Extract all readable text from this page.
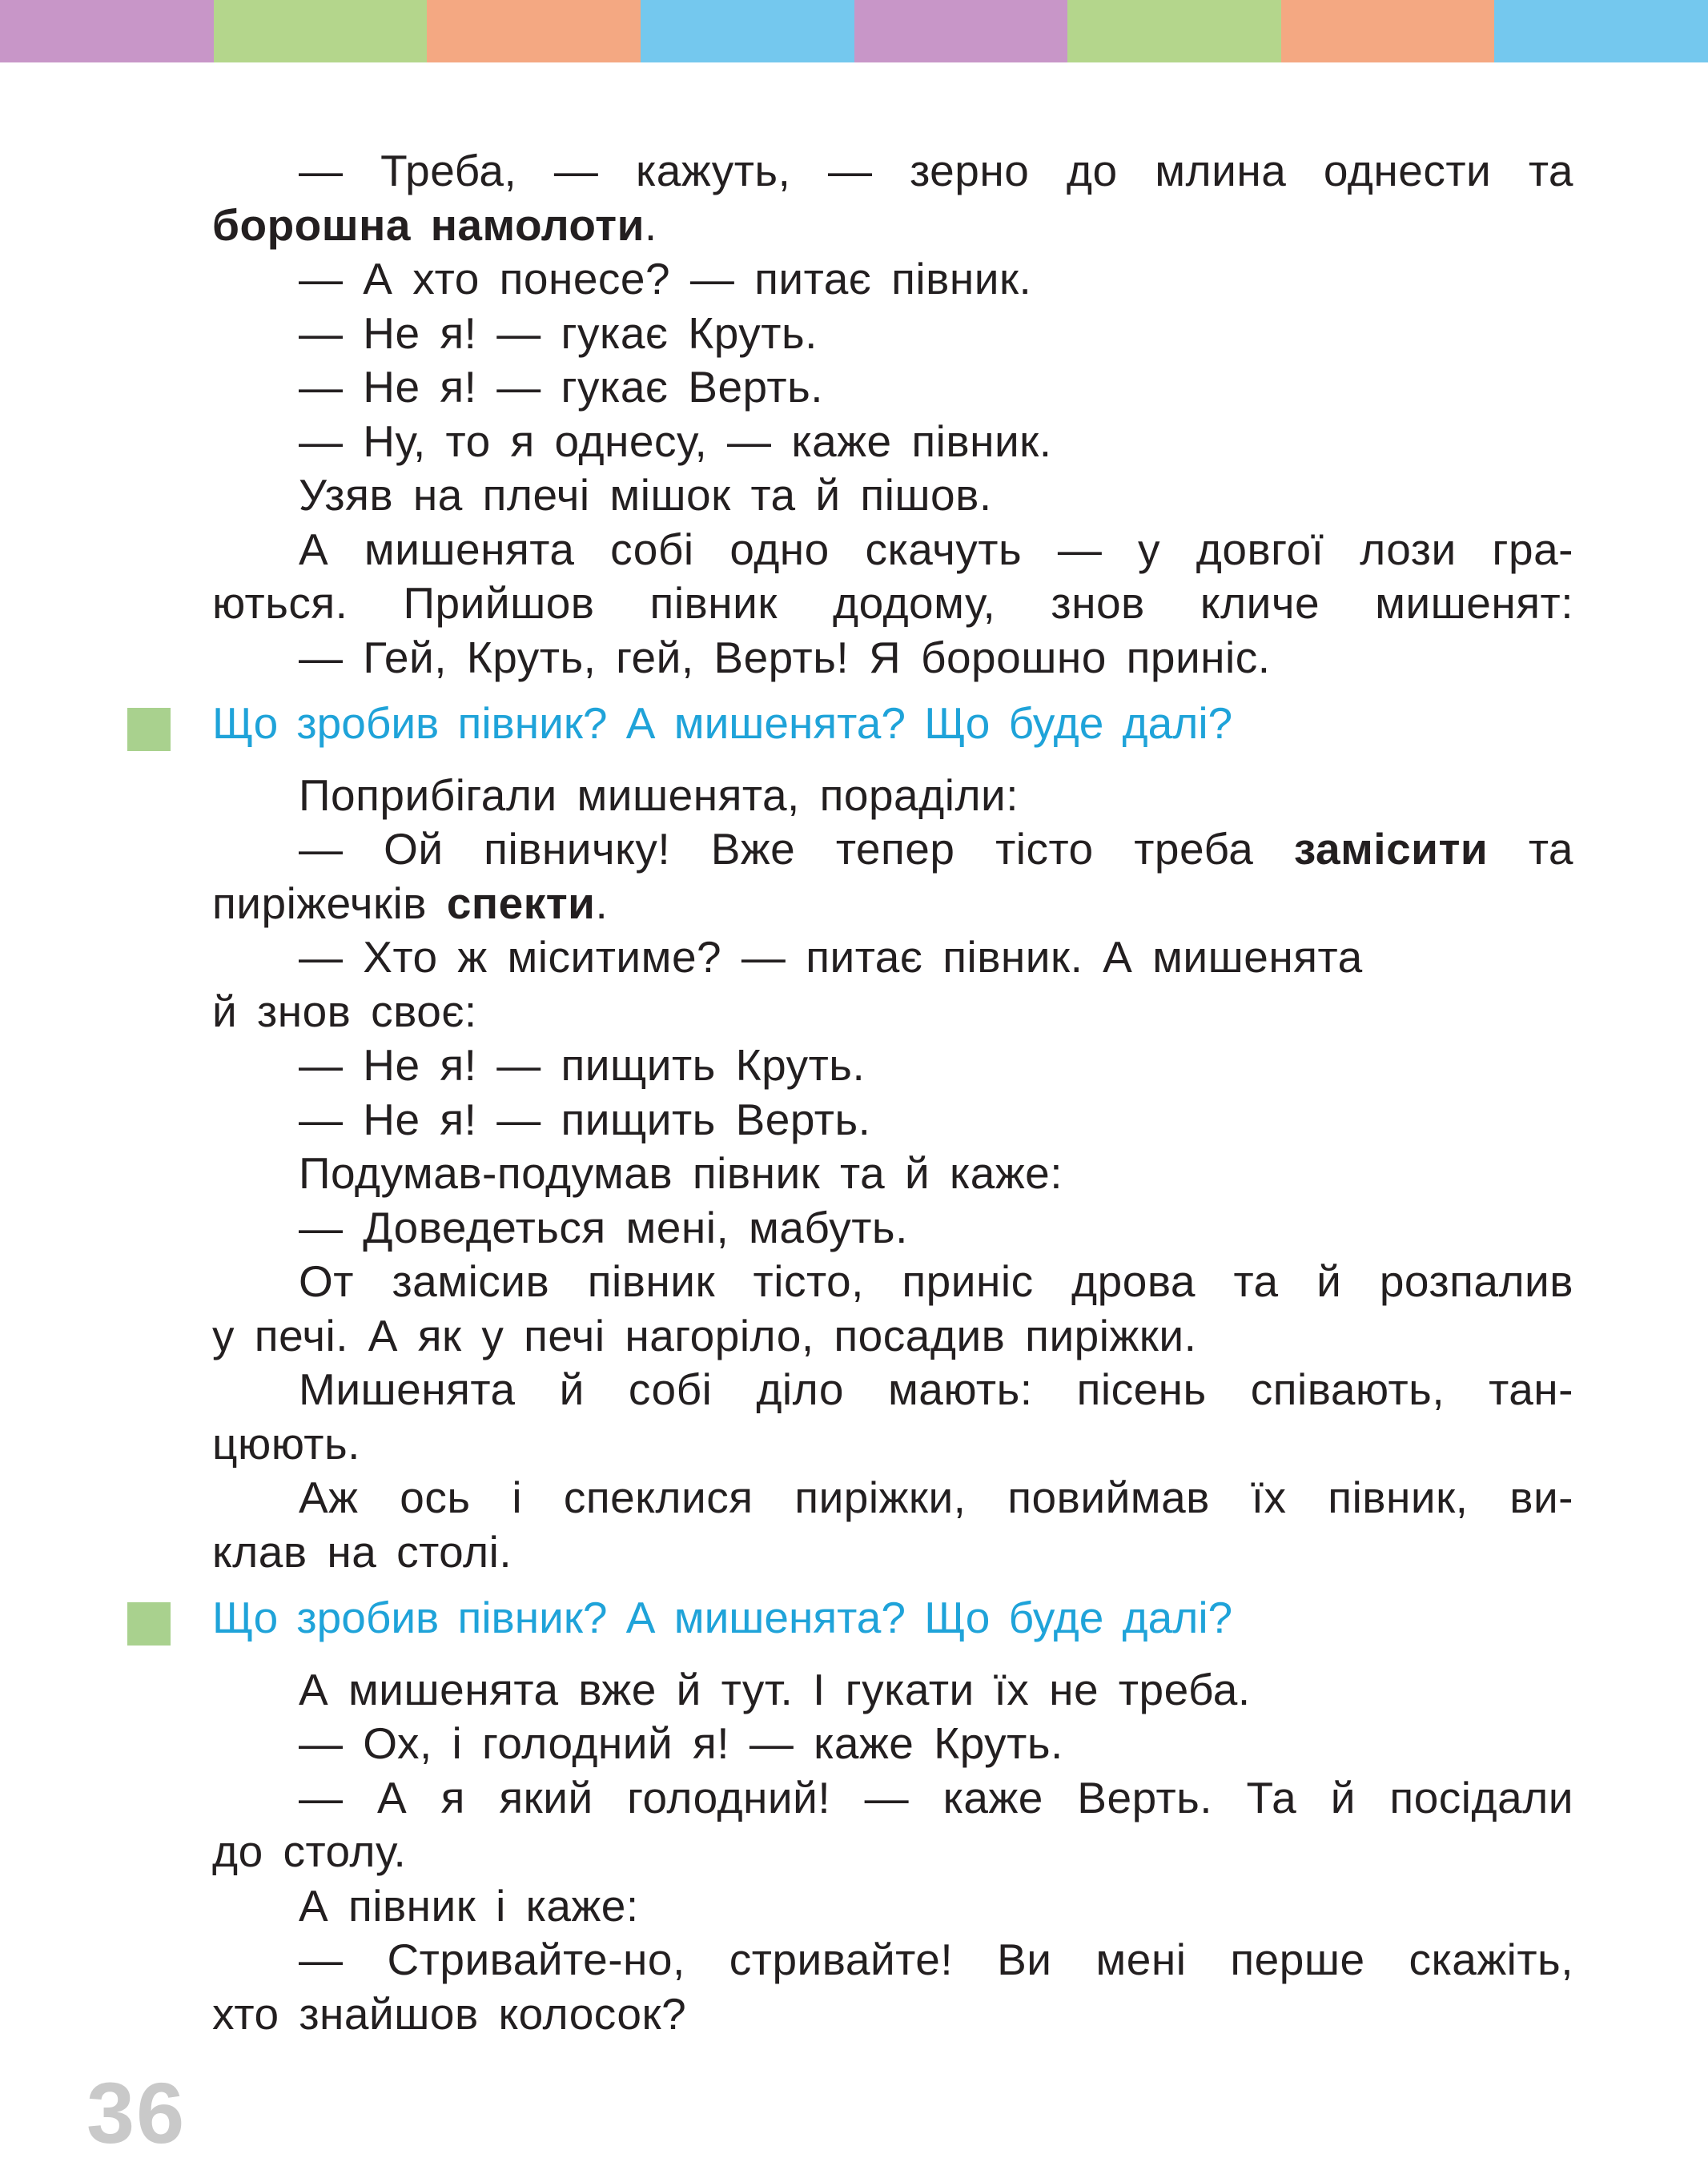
— Треба, — кажуть, — зерно до млина однести та
борошна намолоти.
— А хто понесе? — питає півник.
— Не я! — гукає Круть.
— Не я! — гукає Верть.
— Ну, то я однесу, — каже півник.
Узяв на плечі мішок та й пішов.
А мишенята собі одно скачуть — у довгої лози гра-
ються. Прийшов півник додому, знов кличе мишенят:
— Гей, Круть, гей, Верть! Я борошно приніс.
Що зробив півник? А мишенята? Що буде далі?
Поприбігали мишенята, пораділи:
— Ой півничку! Вже тепер тісто треба замісити та
пиріжечків спекти.
— Хто ж міситиме? — питає півник. А мишенята
й знов своє:
— Не я! — пищить Круть.
— Не я! — пищить Верть.
Подумав-подумав півник та й каже:
— Доведеться мені, мабуть.
От замісив півник тісто, приніс дрова та й розпалив
у печі. А як у печі нагоріло, посадив пиріжки.
Мишенята й собі діло мають: пісень співають, тан-
цюють.
Аж ось і спеклися пиріжки, повиймав їх півник, ви-
клав на столі.
Що зробив півник? А мишенята? Що буде далі?
А мишенята вже й тут. І гукати їх не треба.
— Ох, і голодний я! — каже Круть.
— А я який голодний! — каже Верть. Та й посідали
до столу.
А півник і каже:
— Стривайте-но, стривайте! Ви мені перше скажіть,
хто знайшов колосок?
36
